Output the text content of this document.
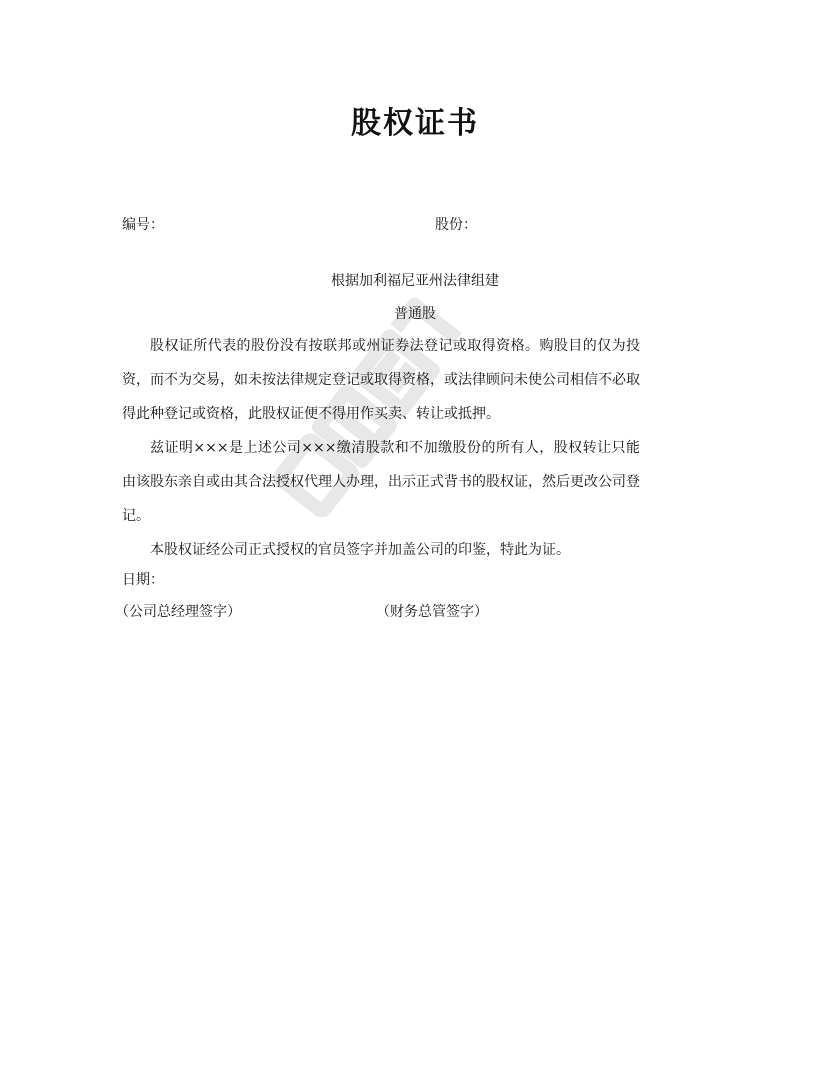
股权证书
编号：	股份：
根据加利福尼亚州法律组建
普通股
股权证所代表的股份没有按联邦或州证券法登记或取得资格。购股目的仅为投资，而不为交易，如未按法律规定登记或取得资格，或法律顾问未使公司相信不必取得此种登记或资格，此股权证便不得用作买卖、转让或抵押。
兹证明×××是上述公司×××缴清股款和不加缴股份的所有人，股权转让只能由该股东亲自或由其合法授权代理人办理，出示正式背书的股权证，然后更改公司登记。
本股权证经公司正式授权的官员签字并加盖公司的印鉴，特此为证。
日期：
（公司总经理签字）	（财务总管签字）
